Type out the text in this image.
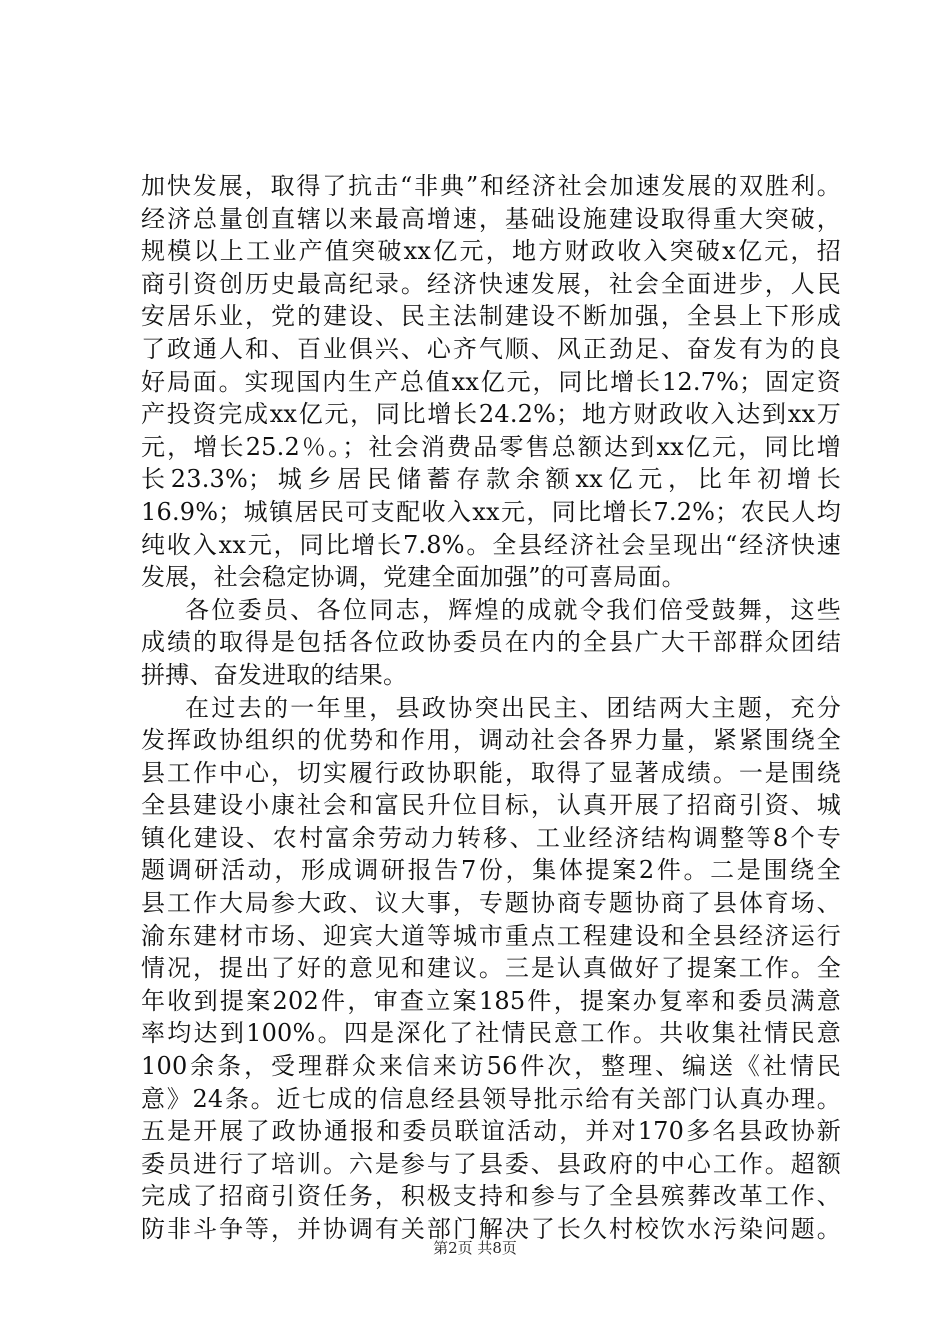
加快发展，取得了抗击“非典”和经济社会加速发展的双胜利。
经济总量创直辖以来最高增速，基础设施建设取得重大突破，
规模以上工业产值突破xx亿元，地方财政收入突破x亿元，招
商引资创历史最高纪录。经济快速发展，社会全面进步，人民
安居乐业，党的建设、民主法制建设不断加强，全县上下形成
了政通人和、百业俱兴、心齐气顺、风正劲足、奋发有为的良
好局面。实现国内生产总值xx亿元，同比增长12.7%；固定资
产投资完成xx亿元，同比增长24.2%；地方财政收入达到xx万
元，增长25.2％。；社会消费品零售总额达到xx亿元，同比增
长23.3%；城乡居民储蓄存款余额xx亿元，比年初增长
16.9%；城镇居民可支配收入xx元，同比增长7.2%；农民人均
纯收入xx元，同比增长7.8%。全县经济社会呈现出“经济快速
发展，社会稳定协调，党建全面加强”的可喜局面。
各位委员、各位同志，辉煌的成就令我们倍受鼓舞，这些
成绩的取得是包括各位政协委员在内的全县广大干部群众团结
拼搏、奋发进取的结果。
在过去的一年里，县政协突出民主、团结两大主题，充分
发挥政协组织的优势和作用，调动社会各界力量，紧紧围绕全
县工作中心，切实履行政协职能，取得了显著成绩。一是围绕
全县建设小康社会和富民升位目标，认真开展了招商引资、城
镇化建设、农村富余劳动力转移、工业经济结构调整等8个专
题调研活动，形成调研报告7份，集体提案2件。二是围绕全
县工作大局参大政、议大事，专题协商专题协商了县体育场、
渝东建材市场、迎宾大道等城市重点工程建设和全县经济运行
情况，提出了好的意见和建议。三是认真做好了提案工作。全
年收到提案202件，审查立案185件，提案办复率和委员满意
率均达到100%。四是深化了社情民意工作。共收集社情民意
100余条，受理群众来信来访56件次，整理、编送《社情民
意》24条。近七成的信息经县领导批示给有关部门认真办理。
五是开展了政协通报和委员联谊活动，并对170多名县政协新
委员进行了培训。六是参与了县委、县政府的中心工作。超额
完成了招商引资任务，积极支持和参与了全县殡葬改革工作、
防非斗争等，并协调有关部门解决了长久村校饮水污染问题。
第2页 共8页
